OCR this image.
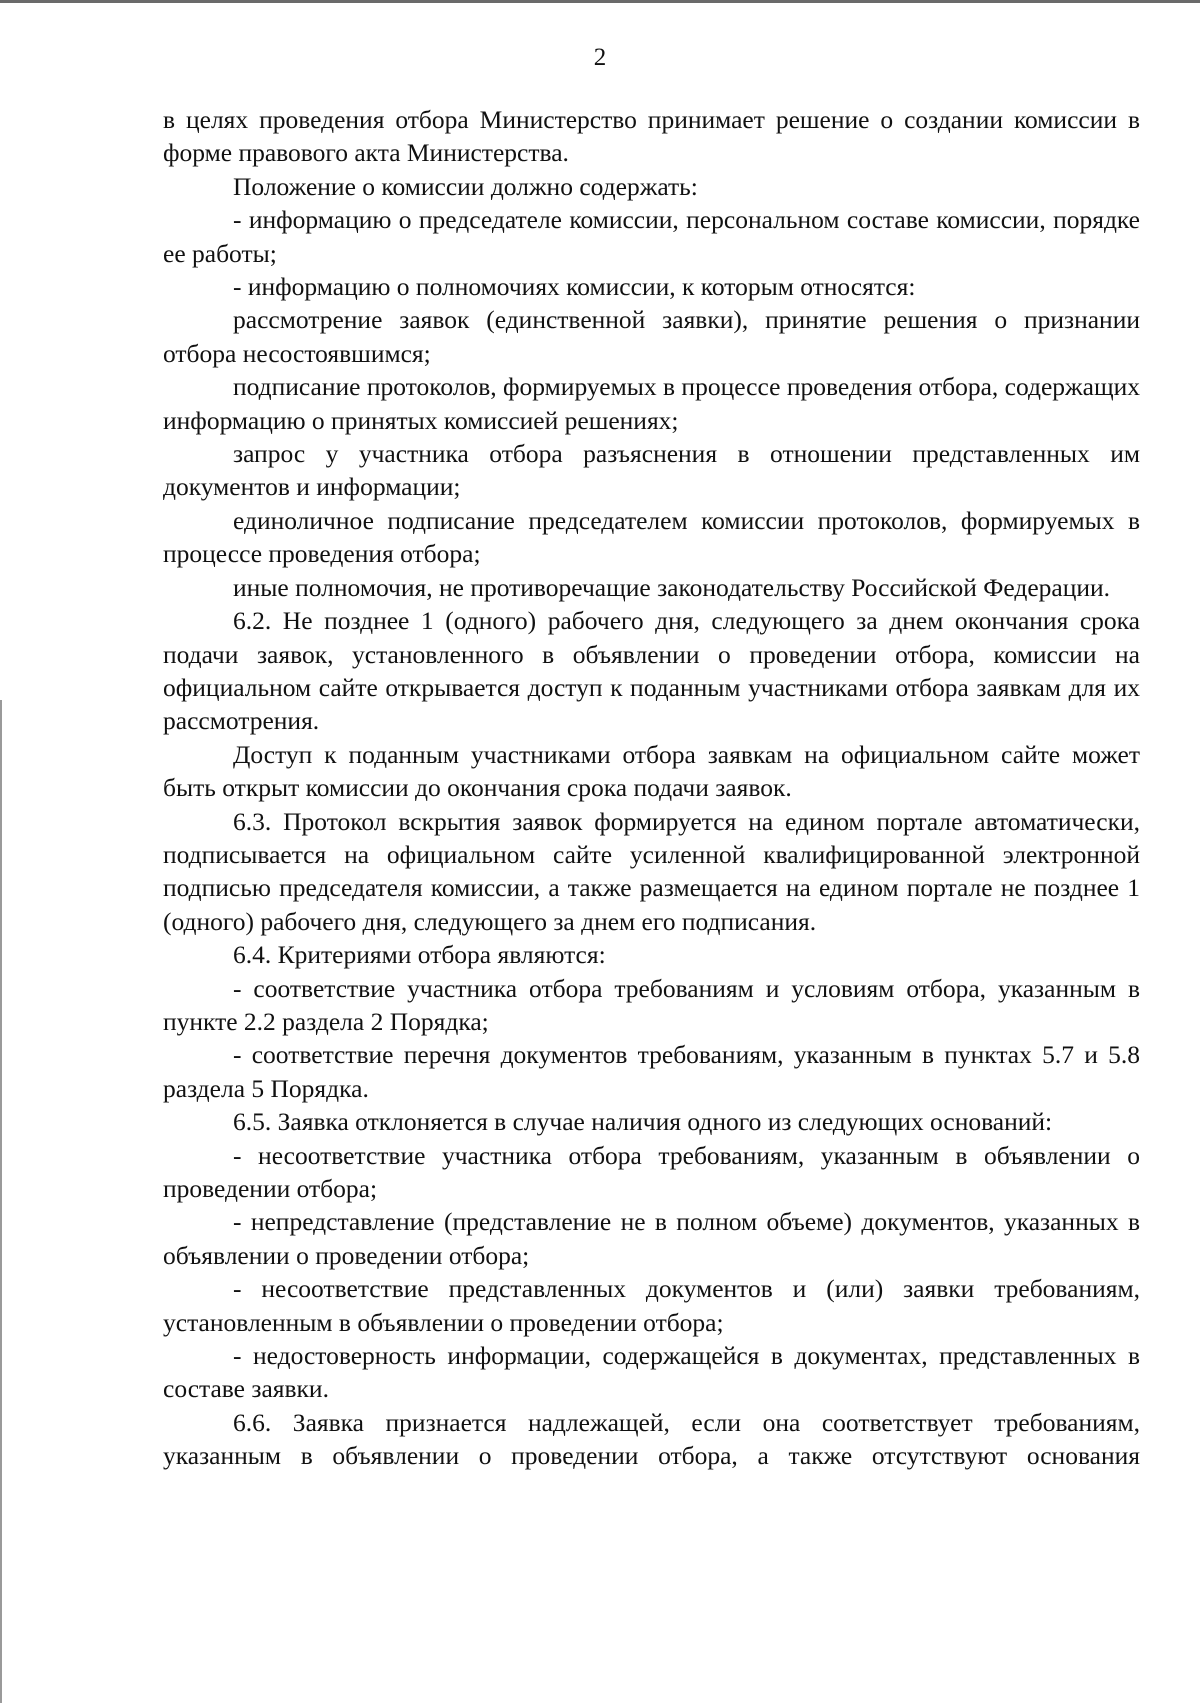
2

в целях проведения отбора Министерство принимает решение о создании комиссии в форме правового акта Министерства.

Положение о комиссии должно содержать:

- информацию о председателе комиссии, персональном составе комиссии, порядке ее работы;

- информацию о полномочиях комиссии, к которым относятся:

рассмотрение заявок (единственной заявки), принятие решения о признании отбора несостоявшимся;

подписание протоколов, формируемых в процессе проведения отбора, содержащих информацию о принятых комиссией решениях;

запрос у участника отбора разъяснения в отношении представленных им документов и информации;

единоличное подписание председателем комиссии протоколов, формируемых в процессе проведения отбора;

иные полномочия, не противоречащие законодательству Российской Федерации.

6.2. Не позднее 1 (одного) рабочего дня, следующего за днем окончания срока подачи заявок, установленного в объявлении о проведении отбора, комиссии на официальном сайте открывается доступ к поданным участниками отбора заявкам для их рассмотрения.

Доступ к поданным участниками отбора заявкам на официальном сайте может быть открыт комиссии до окончания срока подачи заявок.

6.3. Протокол вскрытия заявок формируется на едином портале автоматически, подписывается на официальном сайте усиленной квалифицированной электронной подписью председателя комиссии, а также размещается на едином портале не позднее 1 (одного) рабочего дня, следующего за днем его подписания.

6.4. Критериями отбора являются:

- соответствие участника отбора требованиям и условиям отбора, указанным в пункте 2.2 раздела 2 Порядка;

- соответствие перечня документов требованиям, указанным в пунктах 5.7 и 5.8 раздела 5 Порядка.

6.5. Заявка отклоняется в случае наличия одного из следующих оснований:

- несоответствие участника отбора требованиям, указанным в объявлении о проведении отбора;

- непредставление (представление не в полном объеме) документов, указанных в объявлении о проведении отбора;

- несоответствие представленных документов и (или) заявки требованиям, установленным в объявлении о проведении отбора;

- недостоверность информации, содержащейся в документах, представленных в составе заявки.

6.6. Заявка признается надлежащей, если она соответствует требованиям, указанным в объявлении о проведении отбора, а также отсутствуют основания
